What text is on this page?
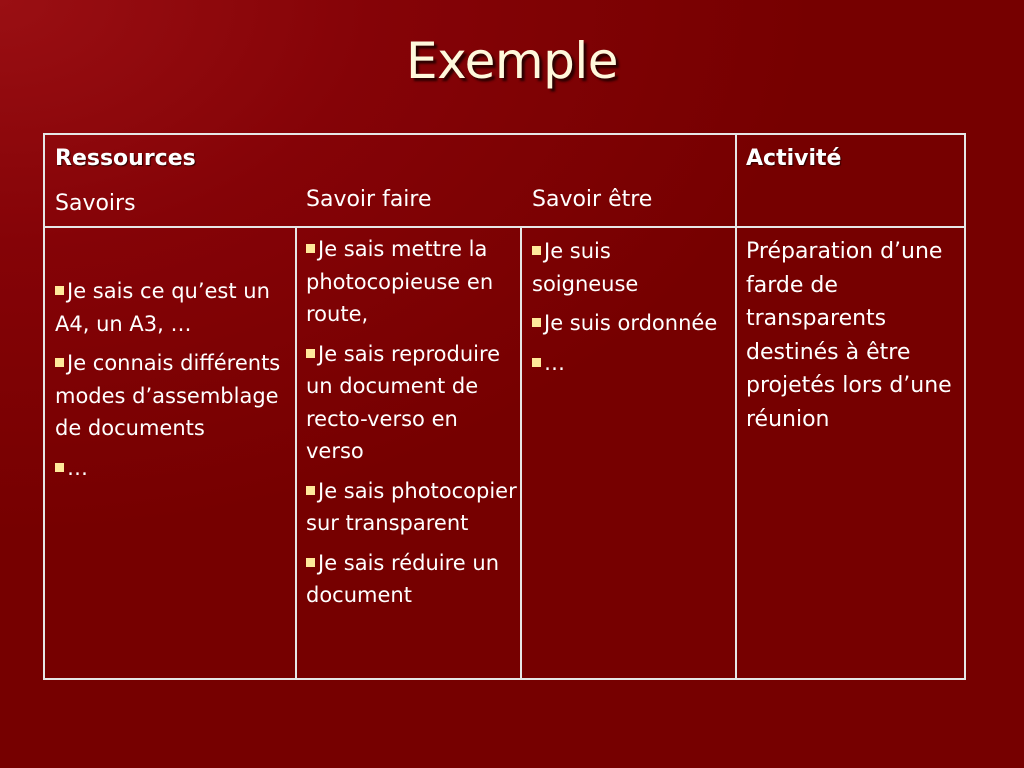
Exemple
Ressources
Savoirs	Savoir faire	Savoir être
Activité
Je sais ce qu’est un A4, un A3, …
Je connais différents modes d’assemblage de documents
…
Je sais mettre la photocopieuse en route,
Je sais reproduire un document de recto-verso en verso
Je sais photocopier sur transparent
Je sais réduire un document
Je suis soigneuse
Je suis ordonnée
…
Préparation d’une farde de transparents destinés à être projetés lors d’une réunion
